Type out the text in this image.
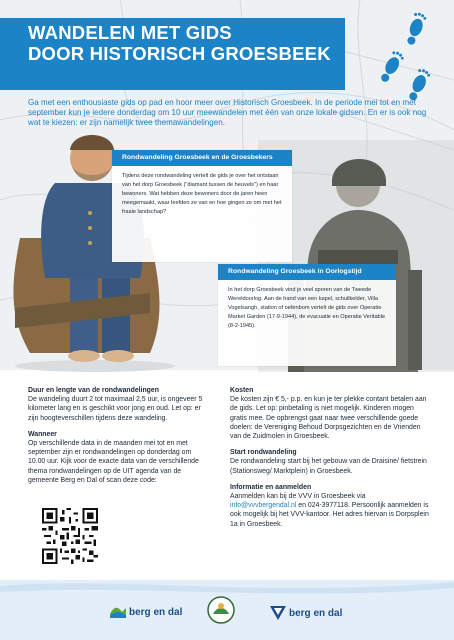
WANDELEN MET GIDS
DOOR HISTORISCH GROESBEEK

Ga met een enthousiaste gids op pad en hoor meer over Historisch Groesbeek. In de periode mei tot en met september kun je iedere donderdag om 10 uur meewandelen met één van onze lokale gidsen. En er is ook nog wat te kiezen: er zijn namelijk twee themawandelingen.

Rondwandeling Groesbeek en de Groesbekers
Tijdens deze rondwandeling vertelt de gids je over het ontstaan van het dorp Groesbeek ("diamant tussen de heuvels") en haar bewoners. Wat hebben deze bewoners door de jaren heen meegemaakt, waar leefden ze van en hoe gingen ze om met het fraaie landschap?
Rondwandeling Groesbeek in Oorlogstijd
In het dorp Groesbeek vind je veel sporen van de Tweede Wereldoorlog. Aan de hand van een kapel, schuilkelder, Villa Vogelsangh, station of oefenbom vertelt de gids over Operatie Market Garden (17-9-1944), de evacuatie en Operatie Veritable (8-2-1945).
Duur en lengte van de rondwandelingen

De wandeling duurt 2 tot maximaal 2,5 uur, is ongeveer 5 kilometer lang en is geschikt voor jong en oud. Let op: er zijn hoogteverschillen tijdens deze wandeling.

Wanneer

Op verschillende data in de maanden mei tot en met september zijn er rondwandelingen op donderdag om 10.00 uur. Kijk voor de exacte data van de verschillende thema rondwandelingen op de UIT agenda van de gemeente Berg en Dal of scan deze code:

Kosten

De kosten zijn € 5,- p.p. en kun je ter plekke contant betalen aan de gids. Let op: pinbetaling is niet mogelijk. Kinderen mogen gratis mee. De opbrengst gaat naar twee verschillende goede doelen: de Vereniging Behoud Dorpsgezichten en de Vrienden van de Zuidmolen in Groesbeek.

Start rondwandeling

De rondwandeling start bij het gebouw van de Draisine/ fietstrein (Stationsweg/ Marktplein) in Groesbeek.

Informatie en aanmelden

Aanmelden kan bij de VVV in Groesbeek via info@vvvbergendal.nl en 024-3977118. Persoonlijk aanmelden is ook mogelijk bij het VVV-kantoor. Het adres hiervan is Dorpsplein 1a in Groesbeek.

berg en dal	berg en dal
